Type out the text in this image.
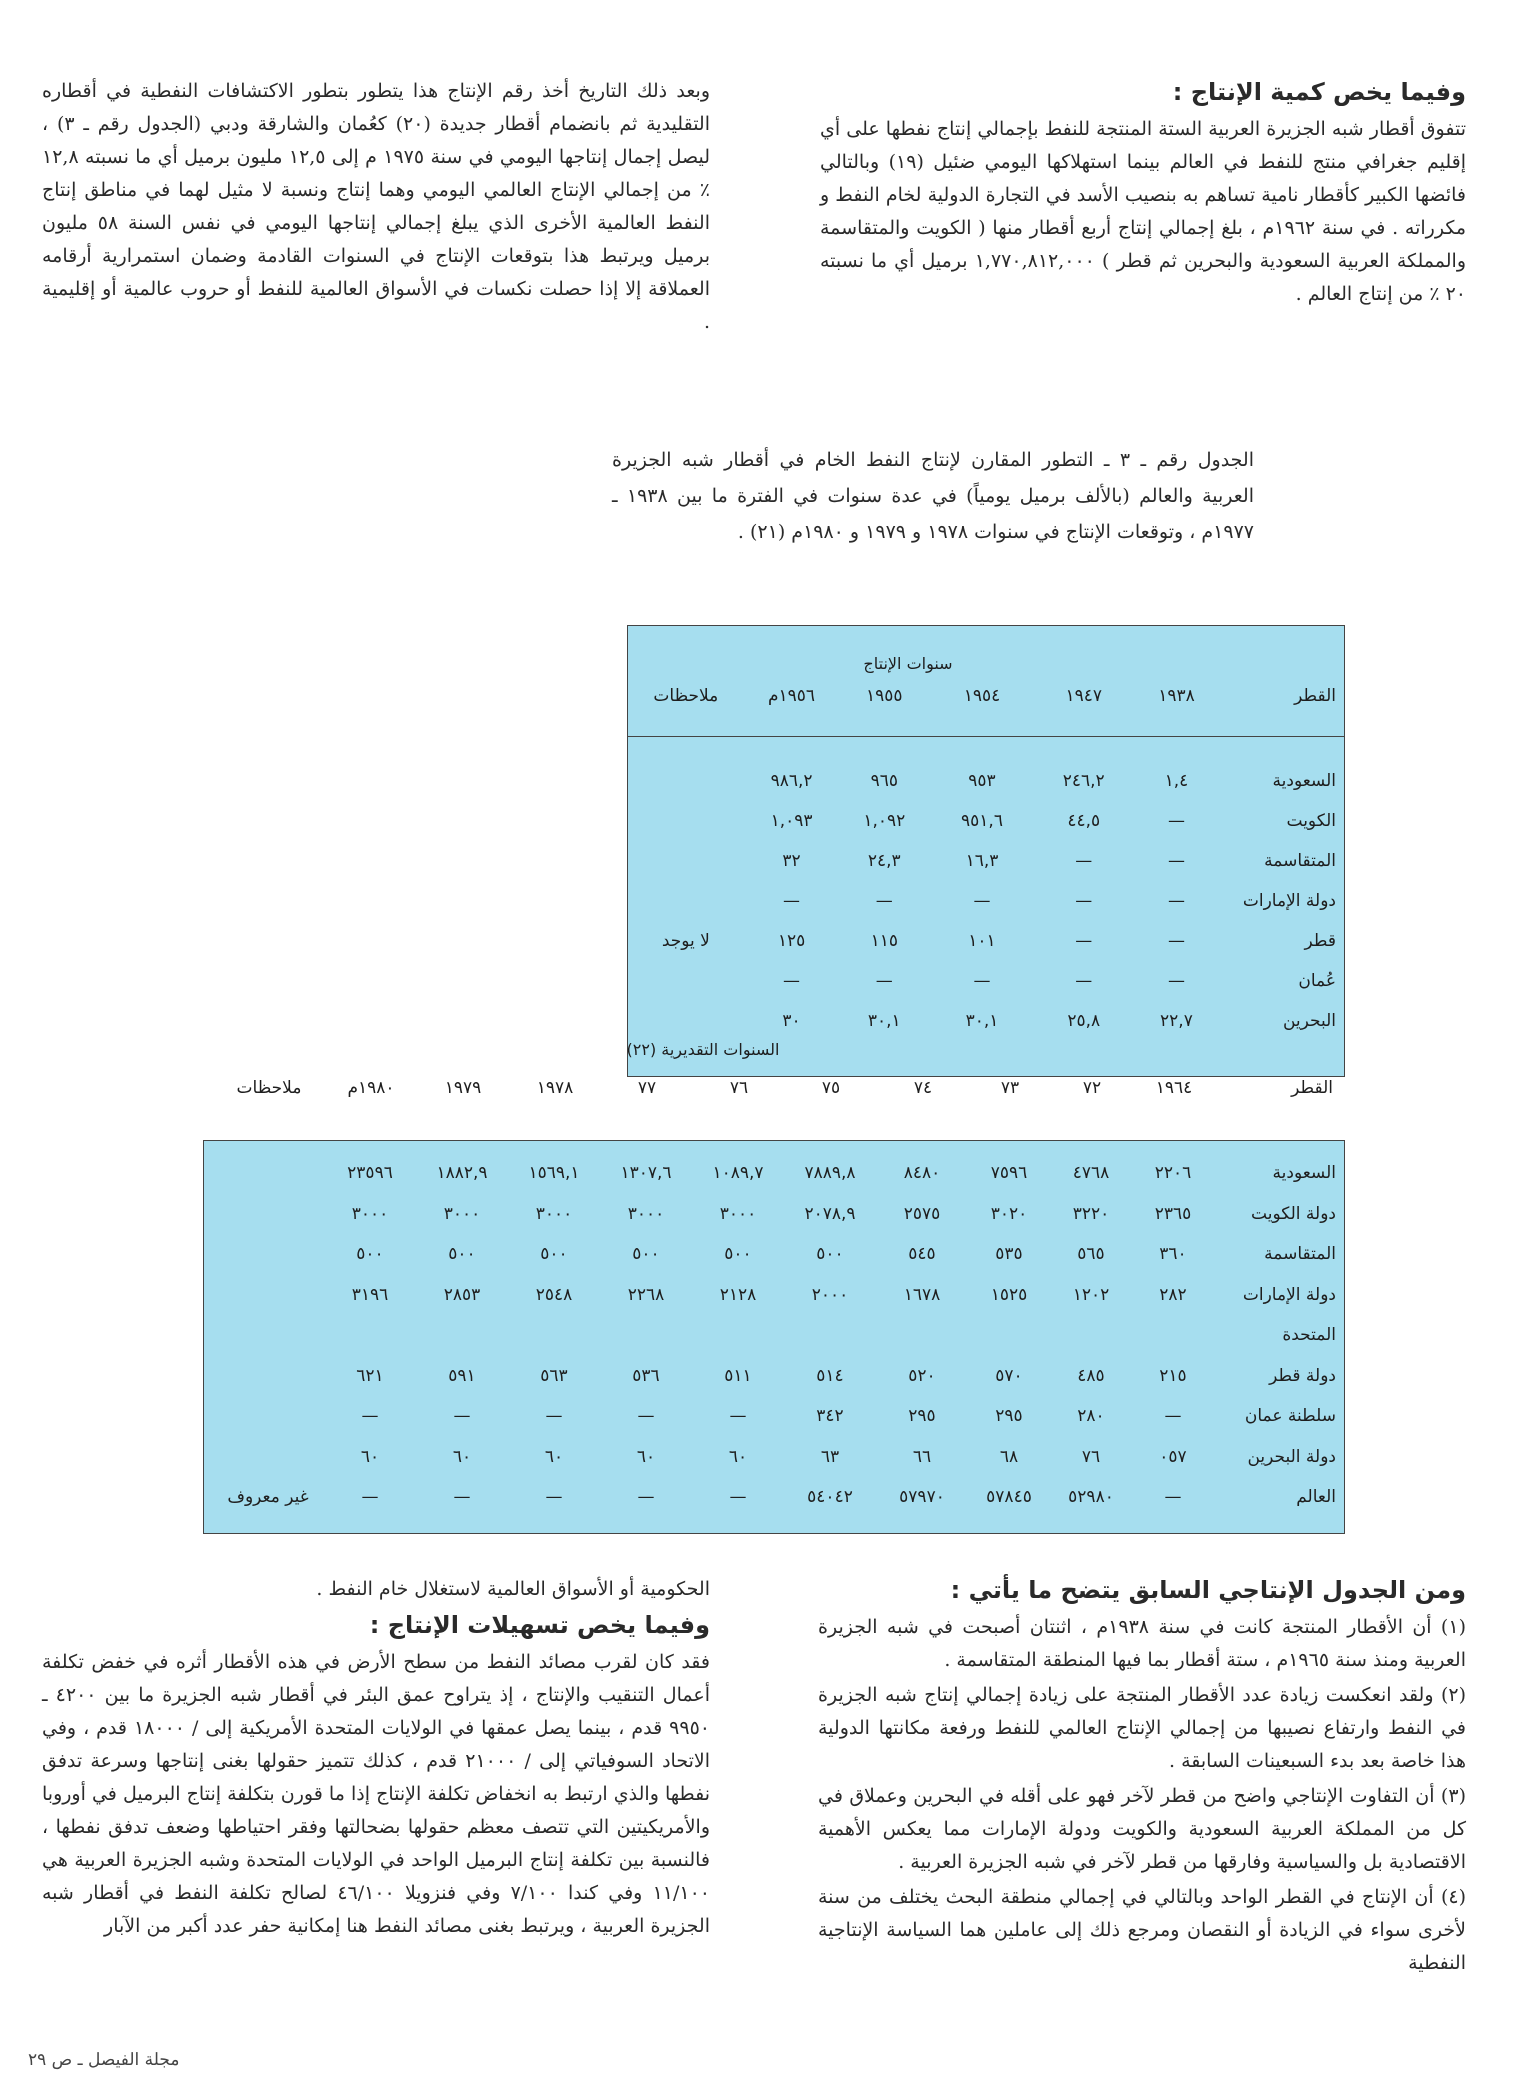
وفيما يخص كمية الإنتاج :

تتفوق أقطار شبه الجزيرة العربية الستة المنتجة للنفط بإجمالي إنتاج نفطها على أي إقليم جغرافي منتج للنفط في العالم بينما استهلاكها اليومي ضئيل (١٩) وبالتالي فائضها الكبير كأقطار نامية تساهم به بنصيب الأسد في التجارة الدولية لخام النفط و مكرراته . في سنة ١٩٦٢م ، بلغ إجمالي إنتاج أربع أقطار منها ( الكويت والمتقاسمة والمملكة العربية السعودية والبحرين ثم قطر ) ١,٧٧٠,٨١٢,٠٠٠ برميل أي ما نسبته ٢٠ ٪ من إنتاج العالم .

وبعد ذلك التاريخ أخذ رقم الإنتاج هذا يتطور بتطور الاكتشافات النفطية في أقطاره التقليدية ثم بانضمام أقطار جديدة (٢٠) كعُمان والشارقة ودبي (الجدول رقم ـ ٣) ، ليصل إجمال إنتاجها اليومي في سنة ١٩٧٥ م إلى ١٢,٥ مليون برميل أي ما نسبته ١٢,٨ ٪ من إجمالي الإنتاج العالمي اليومي وهما إنتاج ونسبة لا مثيل لهما في مناطق إنتاج النفط العالمية الأخرى الذي يبلغ إجمالي إنتاجها اليومي في نفس السنة ٥٨ مليون برميل ويرتبط هذا بتوقعات الإنتاج في السنوات القادمة وضمان استمرارية أرقامه العملاقة إلا إذا حصلت نكسات في الأسواق العالمية للنفط أو حروب عالمية أو إقليمية .

الجدول رقم ـ ٣ ـ التطور المقارن لإنتاج النفط الخام في أقطار شبه الجزيرة العربية والعالم (بالألف برميل يومياً) في عدة سنوات في الفترة ما بين ١٩٣٨ ـ ١٩٧٧م ، وتوقعات الإنتاج في سنوات ١٩٧٨ و ١٩٧٩ و ١٩٨٠م (٢١) .
سنوات الإنتاج
القطر
١٩٣٨
١٩٤٧
١٩٥٤
١٩٥٥
١٩٥٦م
ملاحظات
السعودية
١,٤
٢٤٦,٢
٩٥٣
٩٦٥
٩٨٦,٢
الكويت
—
٤٤,٥
٩٥١,٦
١,٠٩٢
١,٠٩٣
المتقاسمة
—
—
١٦,٣
٢٤,٣
٣٢
دولة الإمارات
—
—
—
—
—
قطر
—
—
١٠١
١١٥
١٢٥
لا يوجد
عُمان
—
—
—
—
—
البحرين
٢٢,٧
٢٥,٨
٣٠,١
٣٠,١
٣٠
السنوات التقديرية (٢٢)
القطر
١٩٦٤
٧٢
٧٣
٧٤
٧٥
٧٦
٧٧
١٩٧٨
١٩٧٩
١٩٨٠م
ملاحظات
السعودية
٢٢٠٦
٤٧٦٨
٧٥٩٦
٨٤٨٠
٧٨٨٩,٨
١٠٨٩,٧
١٣٠٧,٦
١٥٦٩,١
١٨٨٢,٩
٢٣٥٩٦
دولة الكويت
٢٣٦٥
٣٢٢٠
٣٠٢٠
٢٥٧٥
٢٠٧٨,٩
٣٠٠٠
٣٠٠٠
٣٠٠٠
٣٠٠٠
٣٠٠٠
المتقاسمة
٣٦٠
٥٦٥
٥٣٥
٥٤٥
٥٠٠
٥٠٠
٥٠٠
٥٠٠
٥٠٠
٥٠٠
دولة الإمارات
٢٨٢
١٢٠٢
١٥٢٥
١٦٧٨
٢٠٠٠
٢١٢٨
٢٢٦٨
٢٥٤٨
٢٨٥٣
٣١٩٦
المتحدة
دولة قطر
٢١٥
٤٨٥
٥٧٠
٥٢٠
٥١٤
٥١١
٥٣٦
٥٦٣
٥٩١
٦٢١
سلطنة عمان
—
٢٨٠
٢٩٥
٢٩٥
٣٤٢
—
—
—
—
—
دولة البحرين
٠٥٧
٧٦
٦٨
٦٦
٦٣
٦٠
٦٠
٦٠
٦٠
٦٠
العالم
—
٥٢٩٨٠
٥٧٨٤٥
٥٧٩٧٠
٥٤٠٤٢
—
—
—
—
—
غير معروف
ومن الجدول الإنتاجي السابق يتضح ما يأتي :

(١) أن الأقطار المنتجة كانت في سنة ١٩٣٨م ، اثنتان أصبحت في شبه الجزيرة العربية ومنذ سنة ١٩٦٥م ، ستة أقطار بما فيها المنطقة المتقاسمة .

(٢) ولقد انعكست زيادة عدد الأقطار المنتجة على زيادة إجمالي إنتاج شبه الجزيرة في النفط وارتفاع نصيبها من إجمالي الإنتاج العالمي للنفط ورفعة مكانتها الدولية هذا خاصة بعد بدء السبعينات السابقة .

(٣) أن التفاوت الإنتاجي واضح من قطر لآخر فهو على أقله في البحرين وعملاق في كل من المملكة العربية السعودية والكويت ودولة الإمارات مما يعكس الأهمية الاقتصادية بل والسياسية وفارقها من قطر لآخر في شبه الجزيرة العربية .

(٤) أن الإنتاج في القطر الواحد وبالتالي في إجمالي منطقة البحث يختلف من سنة لأخرى سواء في الزيادة أو النقصان ومرجع ذلك إلى عاملين هما السياسة الإنتاجية النفطية

الحكومية أو الأسواق العالمية لاستغلال خام النفط .

وفيما يخص تسهيلات الإنتاج :

فقد كان لقرب مصائد النفط من سطح الأرض في هذه الأقطار أثره في خفض تكلفة أعمال التنقيب والإنتاج ، إذ يتراوح عمق البئر في أقطار شبه الجزيرة ما بين ٤٢٠٠ ـ ٩٩٥٠ قدم ، بينما يصل عمقها في الولايات المتحدة الأمريكية إلى / ١٨٠٠٠ قدم ، وفي الاتحاد السوفياتي إلى / ٢١٠٠٠ قدم ، كذلك تتميز حقولها بغنى إنتاجها وسرعة تدفق نفطها والذي ارتبط به انخفاض تكلفة الإنتاج إذا ما قورن بتكلفة إنتاج البرميل في أوروبا والأمريكيتين التي تتصف معظم حقولها بضحالتها وفقر احتياطها وضعف تدفق نفطها ، فالنسبة بين تكلفة إنتاج البرميل الواحد في الولايات المتحدة وشبه الجزيرة العربية هي ١١/١٠٠ وفي كندا ٧/١٠٠ وفي فنزويلا ٤٦/١٠٠ لصالح تكلفة النفط في أقطار شبه الجزيرة العربية ، ويرتبط بغنى مصائد النفط هنا إمكانية حفر عدد أكبر من الآبار

مجلة الفيصل ـ ص ٢٩
